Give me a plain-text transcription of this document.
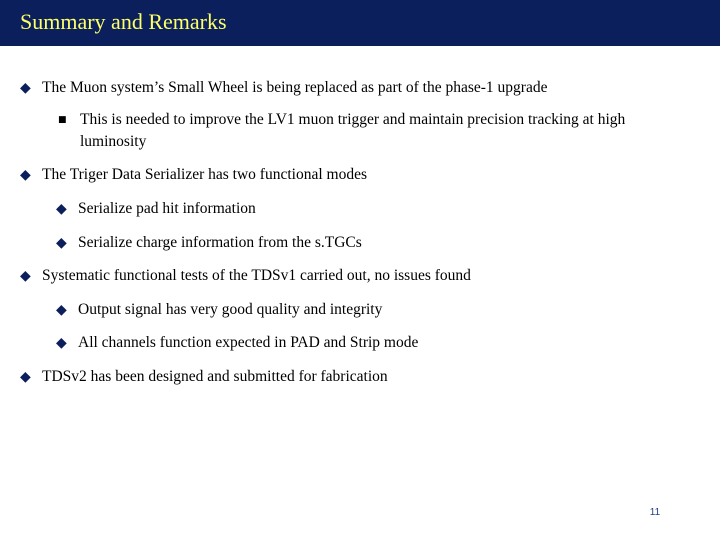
Summary and Remarks
◆ The Muon system’s Small Wheel is being replaced as part of the phase-1 upgrade
■ This is needed to improve the LV1 muon trigger and maintain precision tracking at high luminosity
◆ The Triger Data Serializer has two functional modes
◆ Serialize pad hit information
◆ Serialize charge information from the s.TGCs
◆ Systematic functional tests of the TDSv1 carried out, no issues found
◆ Output signal has very good quality and integrity
◆ All channels function expected in PAD and Strip mode
◆ TDSv2 has been designed and submitted for fabrication
11
